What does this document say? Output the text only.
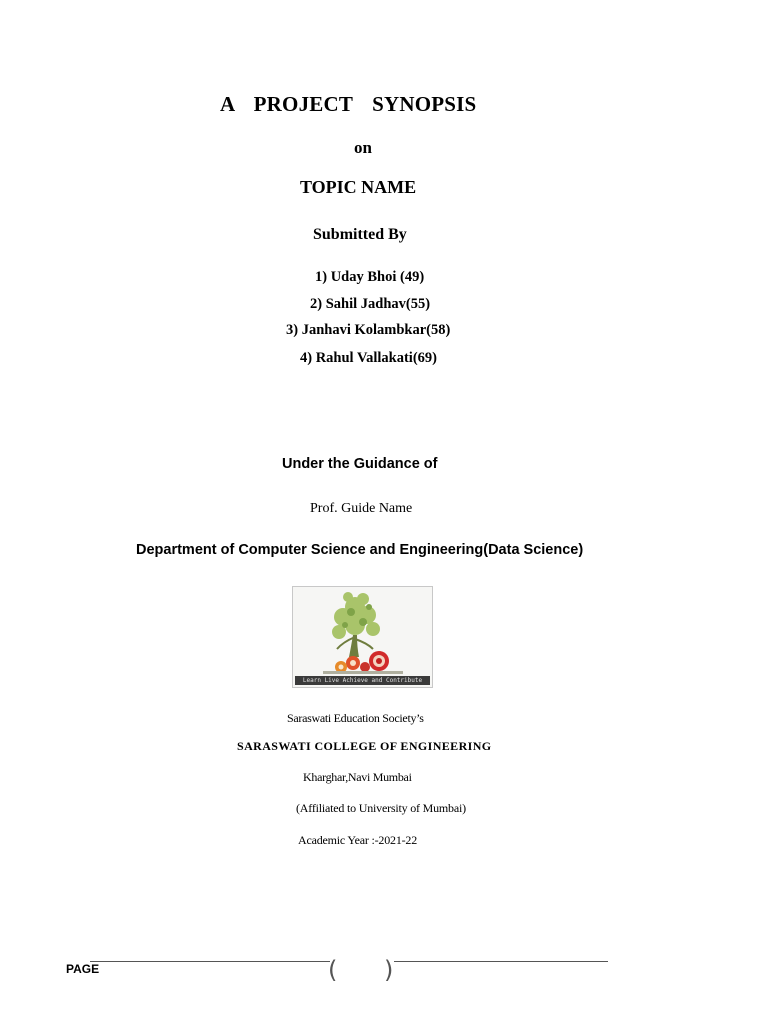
A PROJECT SYNOPSIS
on
TOPIC NAME
Submitted By
1) Uday Bhoi (49)
2) Sahil Jadhav(55)
3) Janhavi Kolambkar(58)
4) Rahul Vallakati(69)
Under the Guidance of
Prof. Guide Name
Department of Computer Science and Engineering(Data Science)
Learn Live Achieve and Contribute
Saraswati Education Society’s
SARASWATI COLLEGE OF ENGINEERING
Kharghar,Navi Mumbai
(Affiliated to University of Mumbai)
Academic Year :-2021-22
PAGE	( )
